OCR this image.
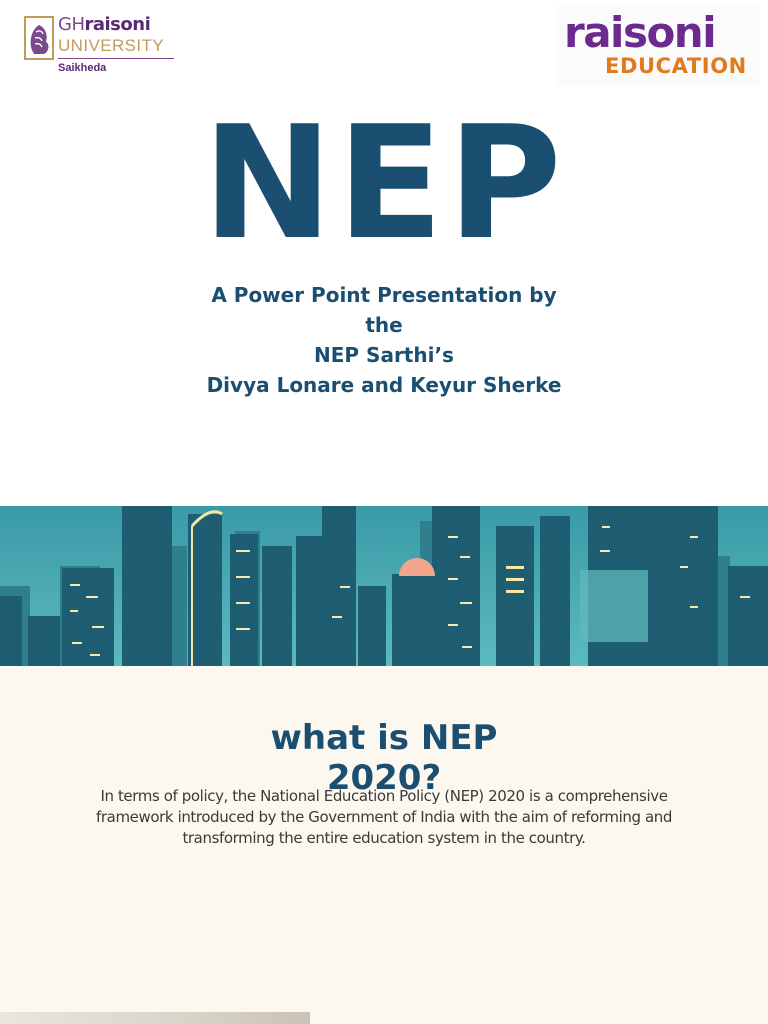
GHraisoni
UNIVERSITY
Saikheda
raisoni
EDUCATION
NEP
A Power Point Presentation by
the
NEP Sarthi’s
Divya Lonare and Keyur Sherke
what is NEP
2020?
In terms of policy, the National Education Policy (NEP) 2020 is a comprehensive
framework introduced by the Government of India with the aim of reforming and
transforming the entire education system in the country.
